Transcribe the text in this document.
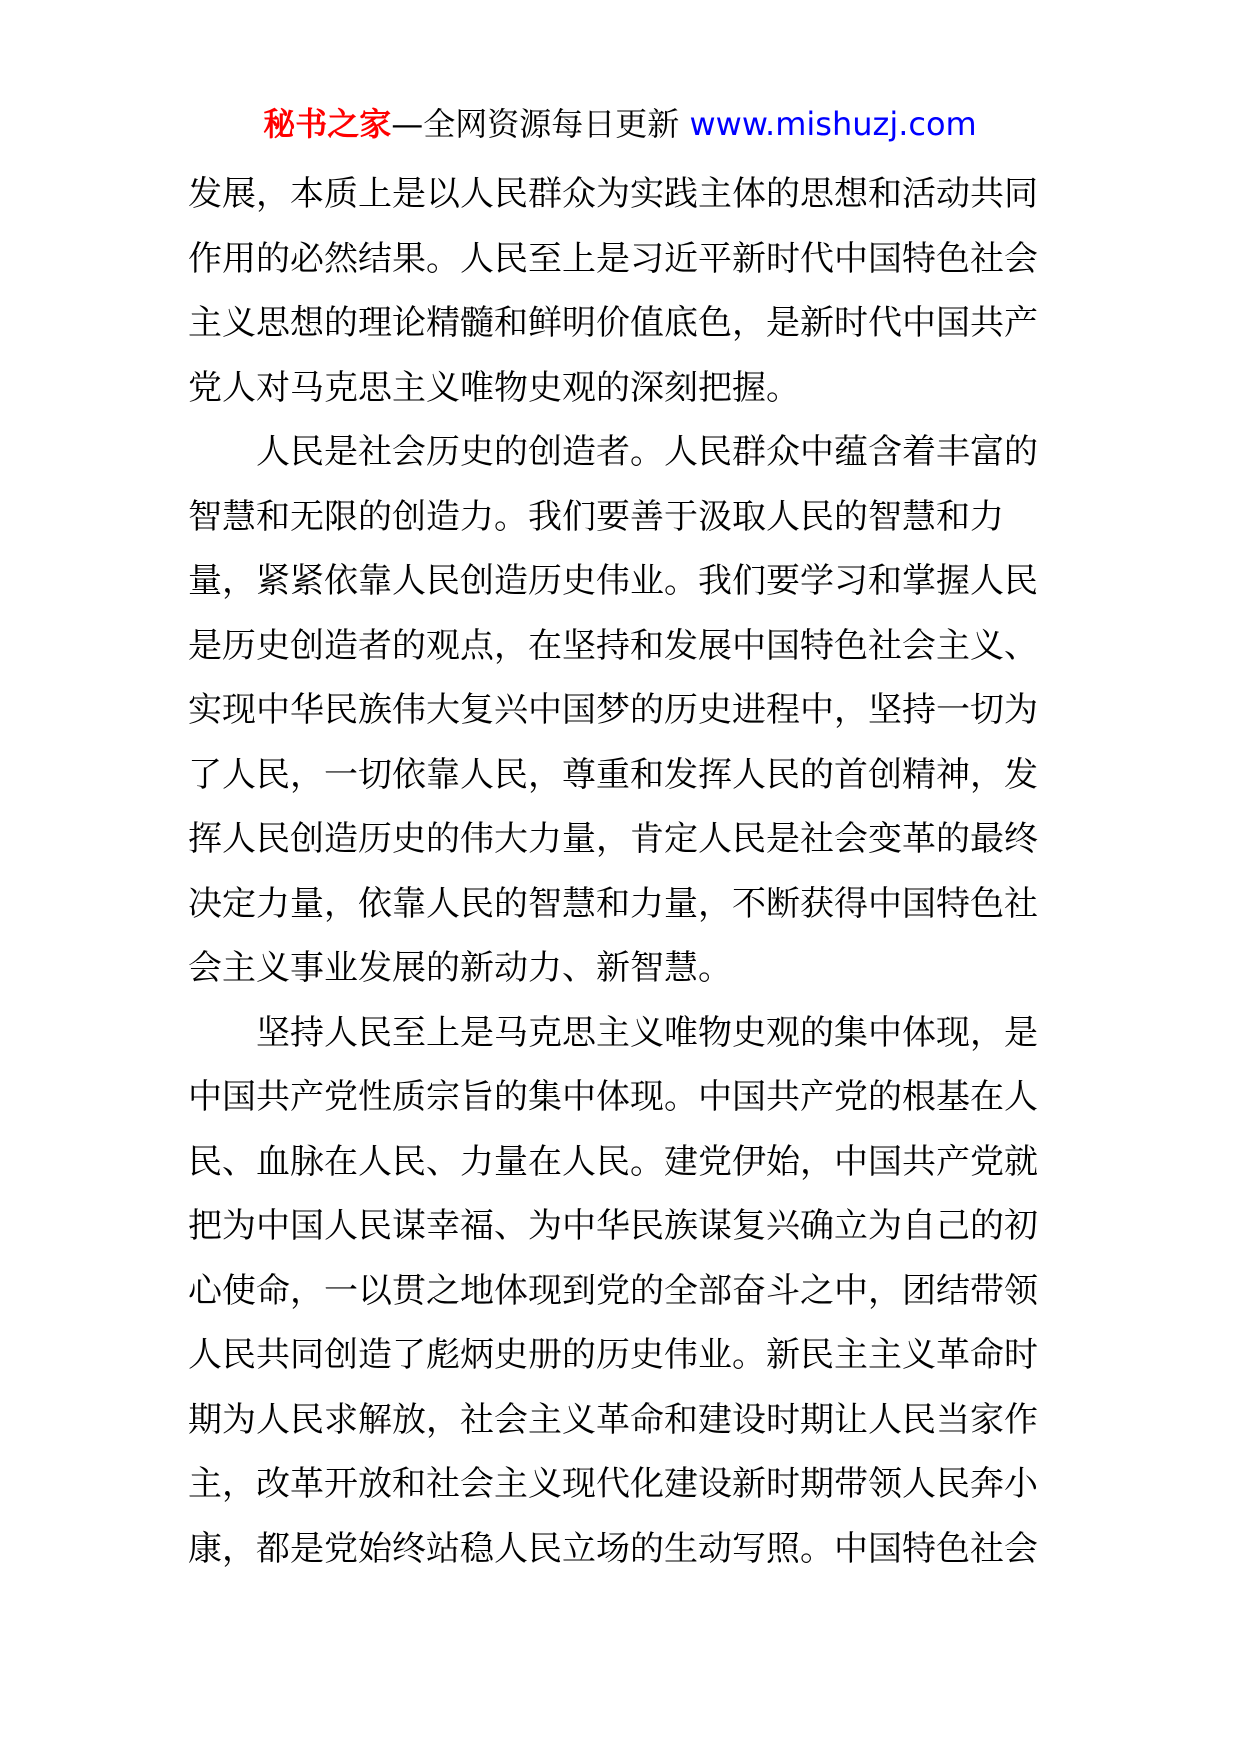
秘书之家—全网资源每日更新 www.mishuzj.com
发展，本质上是以人民群众为实践主体的思想和活动共同
作用的必然结果。人民至上是习近平新时代中国特色社会
主义思想的理论精髓和鲜明价值底色，是新时代中国共产
党人对马克思主义唯物史观的深刻把握。
人民是社会历史的创造者。人民群众中蕴含着丰富的
智慧和无限的创造力。我们要善于汲取人民的智慧和力
量，紧紧依靠人民创造历史伟业。我们要学习和掌握人民
是历史创造者的观点，在坚持和发展中国特色社会主义、
实现中华民族伟大复兴中国梦的历史进程中，坚持一切为
了人民，一切依靠人民，尊重和发挥人民的首创精神，发
挥人民创造历史的伟大力量，肯定人民是社会变革的最终
决定力量，依靠人民的智慧和力量，不断获得中国特色社
会主义事业发展的新动力、新智慧。
坚持人民至上是马克思主义唯物史观的集中体现，是
中国共产党性质宗旨的集中体现。中国共产党的根基在人
民、血脉在人民、力量在人民。建党伊始，中国共产党就
把为中国人民谋幸福、为中华民族谋复兴确立为自己的初
心使命，一以贯之地体现到党的全部奋斗之中，团结带领
人民共同创造了彪炳史册的历史伟业。新民主主义革命时
期为人民求解放，社会主义革命和建设时期让人民当家作
主，改革开放和社会主义现代化建设新时期带领人民奔小
康，都是党始终站稳人民立场的生动写照。中国特色社会
